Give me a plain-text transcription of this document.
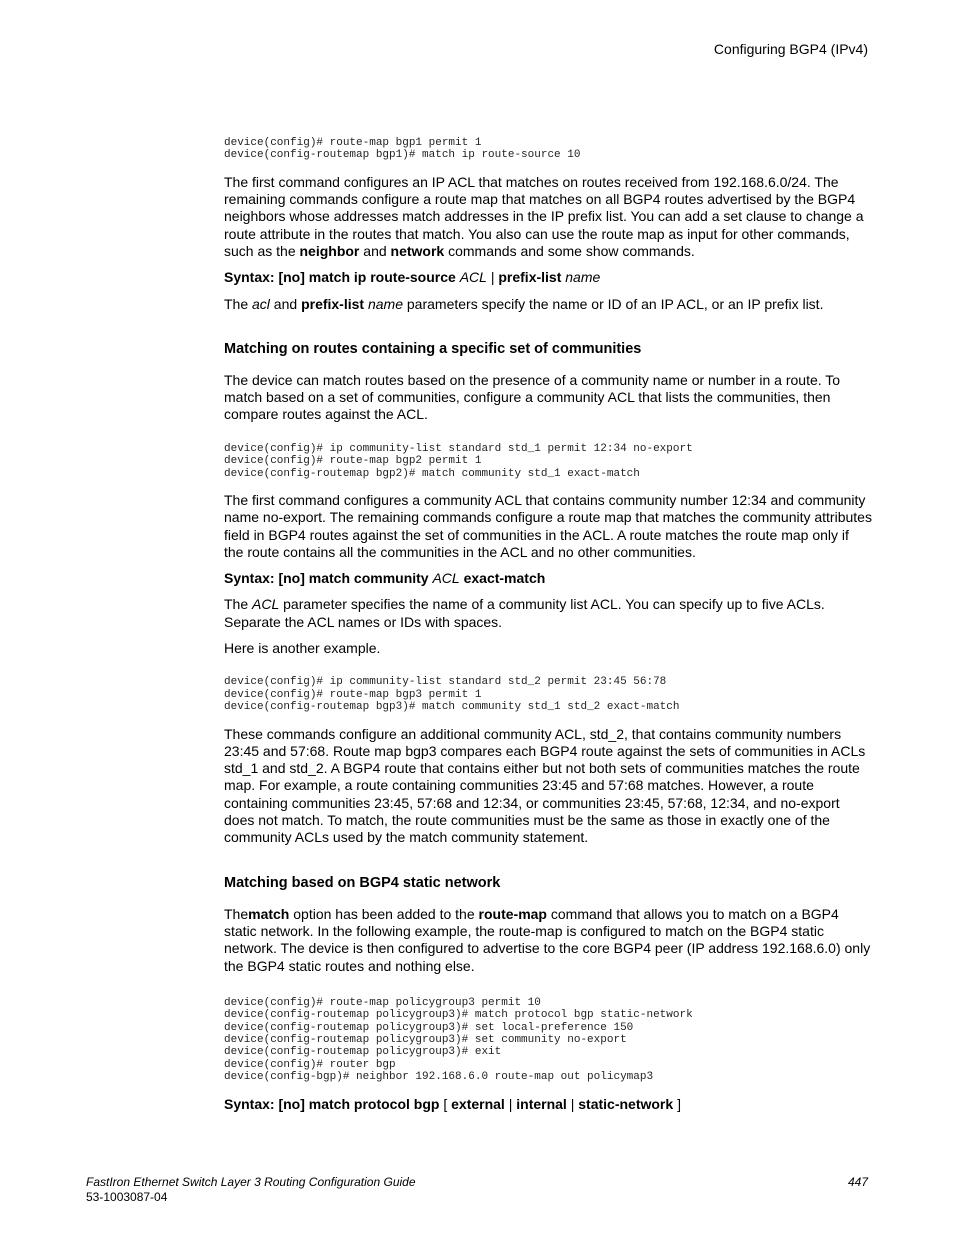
Configuring BGP4 (IPv4)
device(config)# route-map bgp1 permit 1
device(config-routemap bgp1)# match ip route-source 10

The first command configures an IP ACL that matches on routes received from 192.168.6.0/24. The remaining commands configure a route map that matches on all BGP4 routes advertised by the BGP4 neighbors whose addresses match addresses in the IP prefix list. You can add a set clause to change a route attribute in the routes that match. You also can use the route map as input for other commands, such as the neighbor and network commands and some show commands.

Syntax: [no] match ip route-source ACL | prefix-list name

The acl and prefix-list name parameters specify the name or ID of an IP ACL, or an IP prefix list.

Matching on routes containing a specific set of communities

The device can match routes based on the presence of a community name or number in a route. To match based on a set of communities, configure a community ACL that lists the communities, then compare routes against the ACL.

device(config)# ip community-list standard std_1 permit 12:34 no-export
device(config)# route-map bgp2 permit 1
device(config-routemap bgp2)# match community std_1 exact-match

The first command configures a community ACL that contains community number 12:34 and community name no-export. The remaining commands configure a route map that matches the community attributes field in BGP4 routes against the set of communities in the ACL. A route matches the route map only if the route contains all the communities in the ACL and no other communities.

Syntax: [no] match community ACL exact-match

The ACL parameter specifies the name of a community list ACL. You can specify up to five ACLs. Separate the ACL names or IDs with spaces.

Here is another example.

device(config)# ip community-list standard std_2 permit 23:45 56:78
device(config)# route-map bgp3 permit 1
device(config-routemap bgp3)# match community std_1 std_2 exact-match

These commands configure an additional community ACL, std_2, that contains community numbers 23:45 and 57:68. Route map bgp3 compares each BGP4 route against the sets of communities in ACLs std_1 and std_2. A BGP4 route that contains either but not both sets of communities matches the route map. For example, a route containing communities 23:45 and 57:68 matches. However, a route containing communities 23:45, 57:68 and 12:34, or communities 23:45, 57:68, 12:34, and no-export does not match. To match, the route communities must be the same as those in exactly one of the community ACLs used by the match community statement.

Matching based on BGP4 static network

Thematch option has been added to the route-map command that allows you to match on a BGP4 static network. In the following example, the route-map is configured to match on the BGP4 static network. The device is then configured to advertise to the core BGP4 peer (IP address 192.168.6.0) only the BGP4 static routes and nothing else.

device(config)# route-map policygroup3 permit 10
device(config-routemap policygroup3)# match protocol bgp static-network
device(config-routemap policygroup3)# set local-preference 150
device(config-routemap policygroup3)# set community no-export
device(config-routemap policygroup3)# exit
device(config)# router bgp
device(config-bgp)# neighbor 192.168.6.0 route-map out policymap3

Syntax: [no] match protocol bgp [ external | internal | static-network ]

FastIron Ethernet Switch Layer 3 Routing Configuration Guide
53-1003087-04
447
